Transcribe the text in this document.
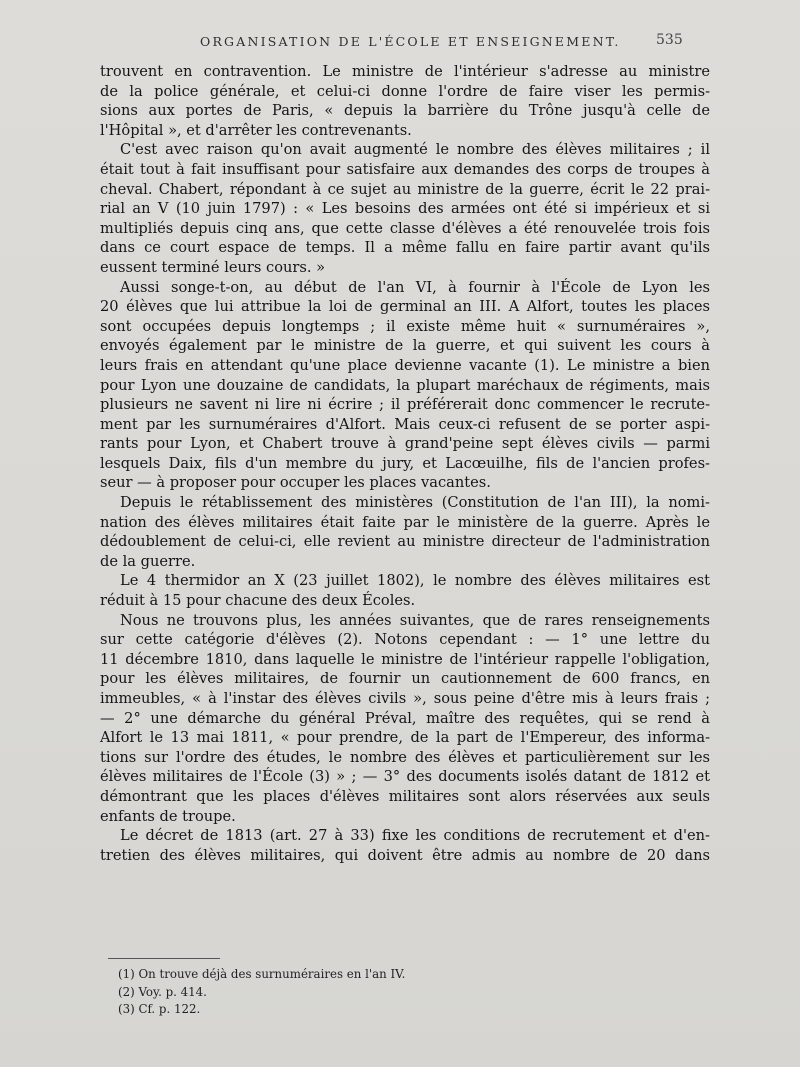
ORGANISATION DE L'ÉCOLE ET ENSEIGNEMENT.	535
trouvent en contravention. Le ministre de l'intérieur s'adresse au ministre
de la police générale, et celui-ci donne l'ordre de faire viser les permis-
sions aux portes de Paris, « depuis la barrière du Trône jusqu'à celle de
l'Hôpital », et d'arrêter les contrevenants.
C'est avec raison qu'on avait augmenté le nombre des élèves militaires ; il
était tout à fait insuffisant pour satisfaire aux demandes des corps de troupes à
cheval. Chabert, répondant à ce sujet au ministre de la guerre, écrit le 22 prai-
rial an V (10 juin 1797) : « Les besoins des armées ont été si impérieux et si
multipliés depuis cinq ans, que cette classe d'élèves a été renouvelée trois fois
dans ce court espace de temps. Il a même fallu en faire partir avant qu'ils
eussent terminé leurs cours. »
Aussi songe-t-on, au début de l'an VI, à fournir à l'École de Lyon les
20 élèves que lui attribue la loi de germinal an III. A Alfort, toutes les places
sont occupées depuis longtemps ; il existe même huit « surnuméraires »,
envoyés également par le ministre de la guerre, et qui suivent les cours à
leurs frais en attendant qu'une place devienne vacante (1). Le ministre a bien
pour Lyon une douzaine de candidats, la plupart maréchaux de régiments, mais
plusieurs ne savent ni lire ni écrire ; il préférerait donc commencer le recrute-
ment par les surnuméraires d'Alfort. Mais ceux-ci refusent de se porter aspi-
rants pour Lyon, et Chabert trouve à grand'peine sept élèves civils — parmi
lesquels Daix, fils d'un membre du jury, et Lacœuilhe, fils de l'ancien profes-
seur — à proposer pour occuper les places vacantes.
Depuis le rétablissement des ministères (Constitution de l'an III), la nomi-
nation des élèves militaires était faite par le ministère de la guerre. Après le
dédoublement de celui-ci, elle revient au ministre directeur de l'administration
de la guerre.
Le 4 thermidor an X (23 juillet 1802), le nombre des élèves militaires est
réduit à 15 pour chacune des deux Écoles.
Nous ne trouvons plus, les années suivantes, que de rares renseignements
sur cette catégorie d'élèves (2). Notons cependant : — 1° une lettre du
11 décembre 1810, dans laquelle le ministre de l'intérieur rappelle l'obligation,
pour les élèves militaires, de fournir un cautionnement de 600 francs, en
immeubles, « à l'instar des élèves civils », sous peine d'être mis à leurs frais ;
— 2° une démarche du général Préval, maître des requêtes, qui se rend à
Alfort le 13 mai 1811, « pour prendre, de la part de l'Empereur, des informa-
tions sur l'ordre des études, le nombre des élèves et particulièrement sur les
élèves militaires de l'École (3) » ; — 3° des documents isolés datant de 1812 et
démontrant que les places d'élèves militaires sont alors réservées aux seuls
enfants de troupe.
Le décret de 1813 (art. 27 à 33) fixe les conditions de recrutement et d'en-
tretien des élèves militaires, qui doivent être admis au nombre de 20 dans
(1) On trouve déjà des surnuméraires en l'an IV.
(2) Voy. p. 414.
(3) Cf. p. 122.
